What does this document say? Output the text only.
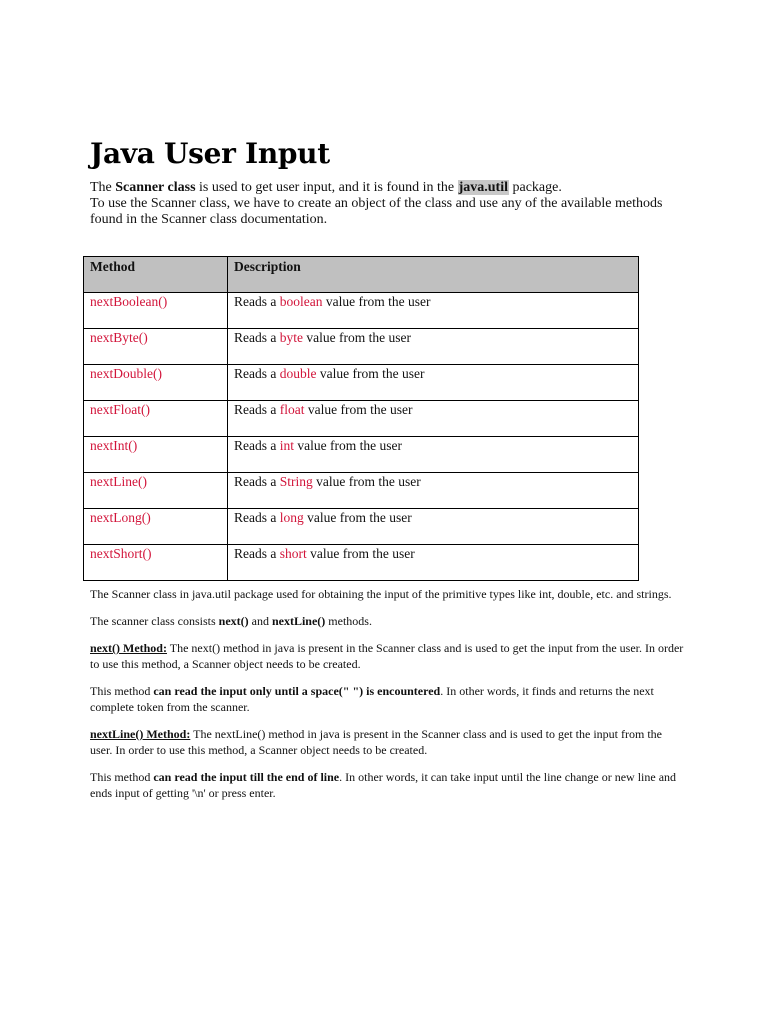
Java User Input

The Scanner class is used to get user input, and it is found in the java.util package.

To use the Scanner class, we have to create an object of the class and use any of the available methods found in the Scanner class documentation.

Method	Description
nextBoolean()	Reads a boolean value from the user
nextByte()	Reads a byte value from the user
nextDouble()	Reads a double value from the user
nextFloat()	Reads a float value from the user
nextInt()	Reads a int value from the user
nextLine()	Reads a String value from the user
nextLong()	Reads a long value from the user
nextShort()	Reads a short value from the user

The Scanner class in java.util package used for obtaining the input of the primitive types like int, double, etc. and strings.

The scanner class consists next() and nextLine() methods.

next() Method: The next() method in java is present in the Scanner class and is used to get the input from the user. In order to use this method, a Scanner object needs to be created.

This method can read the input only until a space(" ") is encountered. In other words, it finds and returns the next complete token from the scanner.

nextLine() Method: The nextLine() method in java is present in the Scanner class and is used to get the input from the user. In order to use this method, a Scanner object needs to be created.

This method can read the input till the end of line. In other words, it can take input until the line change or new line and ends input of getting '\n' or press enter.
